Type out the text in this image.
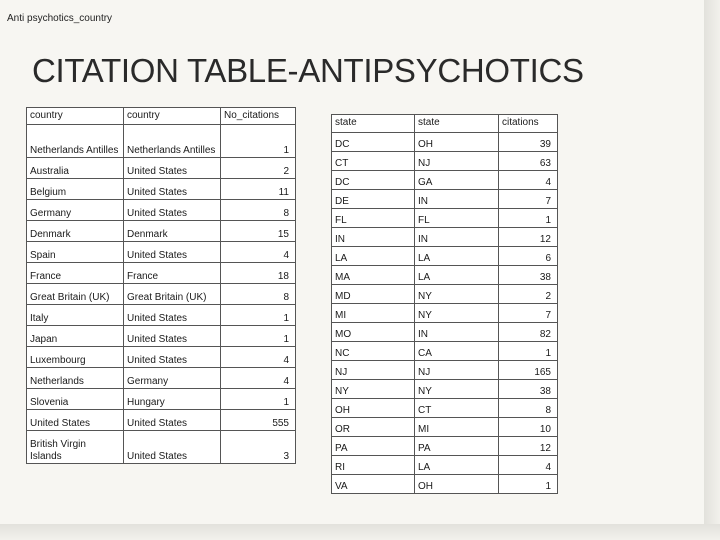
Anti psychotics_country
CITATION TABLE-ANTIPSYCHOTICS
country	country	No_citations
Netherlands Antilles	Netherlands Antilles	1
Australia	United States	2
Belgium	United States	11
Germany	United States	8
Denmark	Denmark	15
Spain	United States	4
France	France	18
Great Britain (UK)	Great Britain (UK)	8
Italy	United States	1
Japan	United States	1
Luxembourg	United States	4
Netherlands	Germany	4
Slovenia	Hungary	1
United States	United States	555
British Virgin Islands	United States	3
state	state	citations
DC	OH	39
CT	NJ	63
DC	GA	4
DE	IN	7
FL	FL	1
IN	IN	12
LA	LA	6
MA	LA	38
MD	NY	2
MI	NY	7
MO	IN	82
NC	CA	1
NJ	NJ	165
NY	NY	38
OH	CT	8
OR	MI	10
PA	PA	12
RI	LA	4
VA	OH	1
